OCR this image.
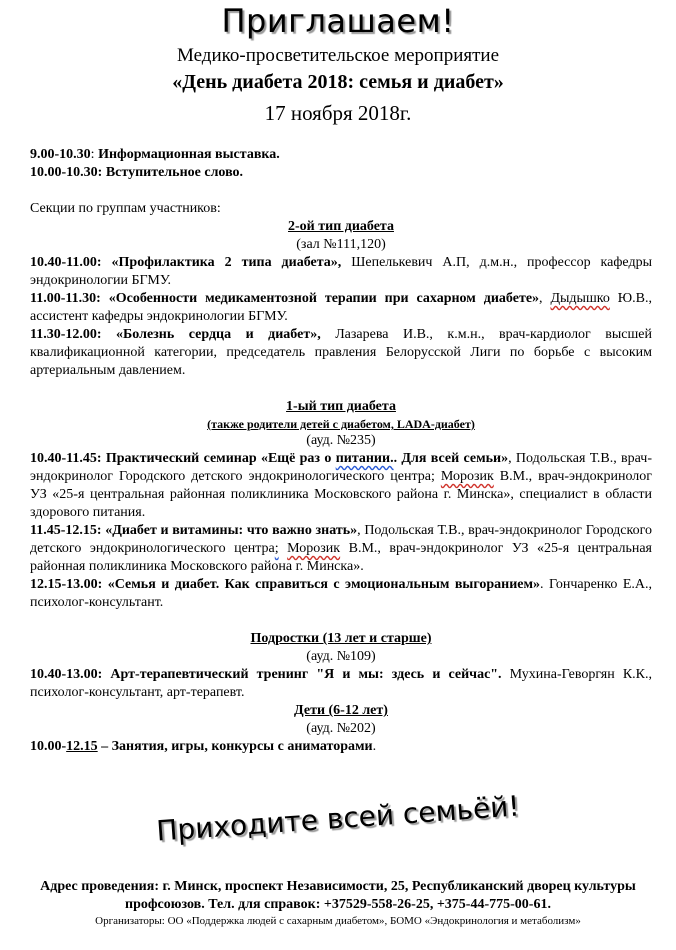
Приглашаем!
Медико-просветительское мероприятие
«День диабета 2018: семья и диабет»
17 ноября 2018г.

9.00-10.30: Информационная выставка.

10.00-10.30: Вступительное слово.

Секции по группам участников:

2-ой тип диабета

(зал №111,120)

10.40-11.00: «Профилактика 2 типа диабета», Шепелькевич А.П, д.м.н., профессор кафедры эндокринологии БГМУ.

11.00-11.30: «Особенности медикаментозной терапии при сахарном диабете», Дыдышко Ю.В., ассистент кафедры эндокринологии БГМУ.

11.30-12.00: «Болезнь сердца и диабет», Лазарева И.В., к.м.н., врач-кардиолог высшей квалификационной категории, председатель правления Белорусской Лиги по борьбе с высоким артериальным давлением.

1-ый тип диабета

(также родители детей с диабетом, LADA-диабет)

(ауд. №235)

10.40-11.45: Практический семинар «Ещё раз о питании.. Для всей семьи», Подольская Т.В., врач-эндокринолог Городского детского эндокринологического центра; Морозик В.М., врач-эндокринолог УЗ «25-я центральная районная поликлиника Московского района г. Минска», специалист в области здорового питания.

11.45-12.15: «Диабет и витамины: что важно знать», Подольская Т.В., врач-эндокринолог Городского детского эндокринологического центра; Морозик В.М., врач-эндокринолог УЗ «25-я центральная районная поликлиника Московского района г. Минска».

12.15-13.00: «Семья и диабет. Как справиться с эмоциональным выгоранием». Гончаренко Е.А., психолог-консультант.

Подростки (13 лет и старше)

(ауд. №109)

10.40-13.00: Арт-терапевтический тренинг "Я и мы: здесь и сейчас". Мухина-Геворгян К.К., психолог-консультант, арт-терапевт.

Дети (6-12 лет)

(ауд. №202)

10.00-12.15 – Занятия, игры, конкурсы с аниматорами.

Приходите всей семьёй!

Адрес проведения: г. Минск, проспект Независимости, 25, Республиканский дворец культуры профсоюзов. Тел. для справок: +37529-558-26-25, +375-44-775-00-61.

Организаторы: ОО «Поддержка людей с сахарным диабетом», БОМО «Эндокринология и метаболизм»
